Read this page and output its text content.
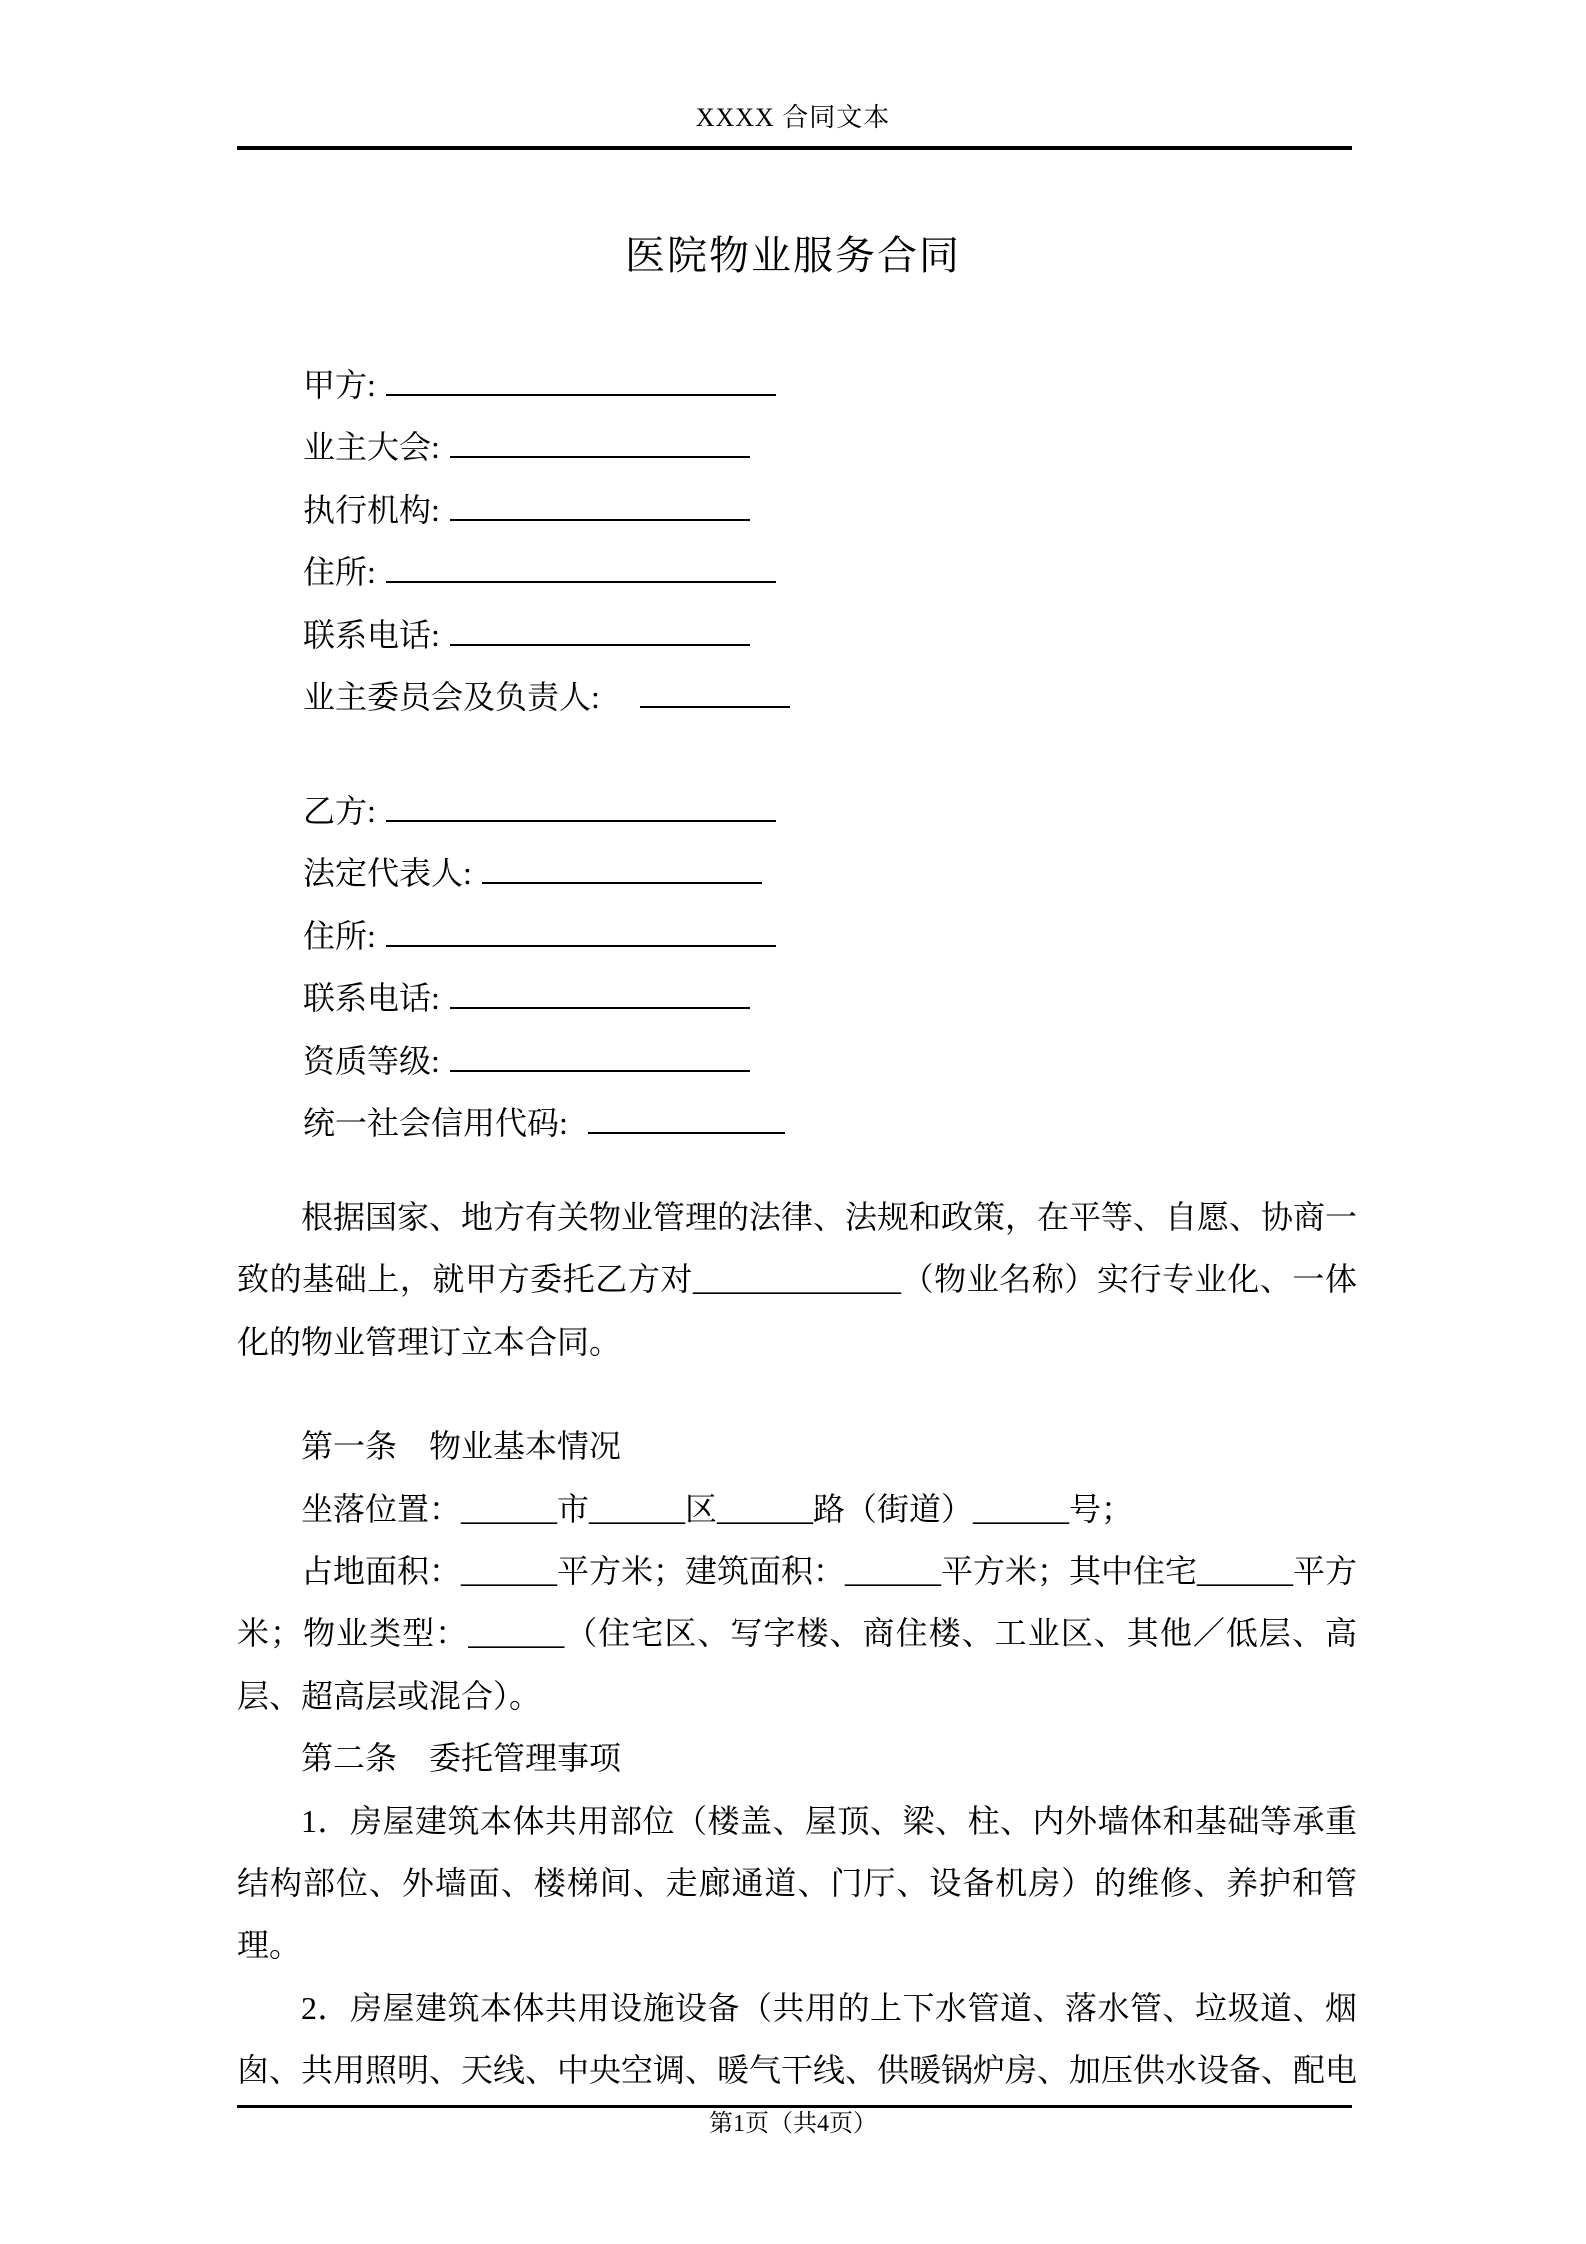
XXXX 合同文本
医院物业服务合同
甲方:
业主大会:
执行机构:
住所:
联系电话:
业主委员会及负责人:
乙方:
法定代表人:
住所:
联系电话:
资质等级:
统一社会信用代码:

根据国家、地方有关物业管理的法律、法规和政策，在平等、自愿、协商一致的基础上，就甲方委托乙方对_____________（物业名称）实行专业化、一体化的物业管理订立本合同。

第一条　物业基本情况

坐落位置：______市______区______路（街道）______号；

占地面积：______平方米；建筑面积：______平方米；其中住宅______平方米；物业类型：______（住宅区、写字楼、商住楼、工业区、其他／低层、高层、超高层或混合）。

第二条　委托管理事项

1．房屋建筑本体共用部位（楼盖、屋顶、梁、柱、内外墙体和基础等承重结构部位、外墙面、楼梯间、走廊通道、门厅、设备机房）的维修、养护和管理。

2．房屋建筑本体共用设施设备（共用的上下水管道、落水管、垃圾道、烟囱、共用照明、天线、中央空调、暖气干线、供暖锅炉房、加压供水设备、配电

第1页（共4页）
